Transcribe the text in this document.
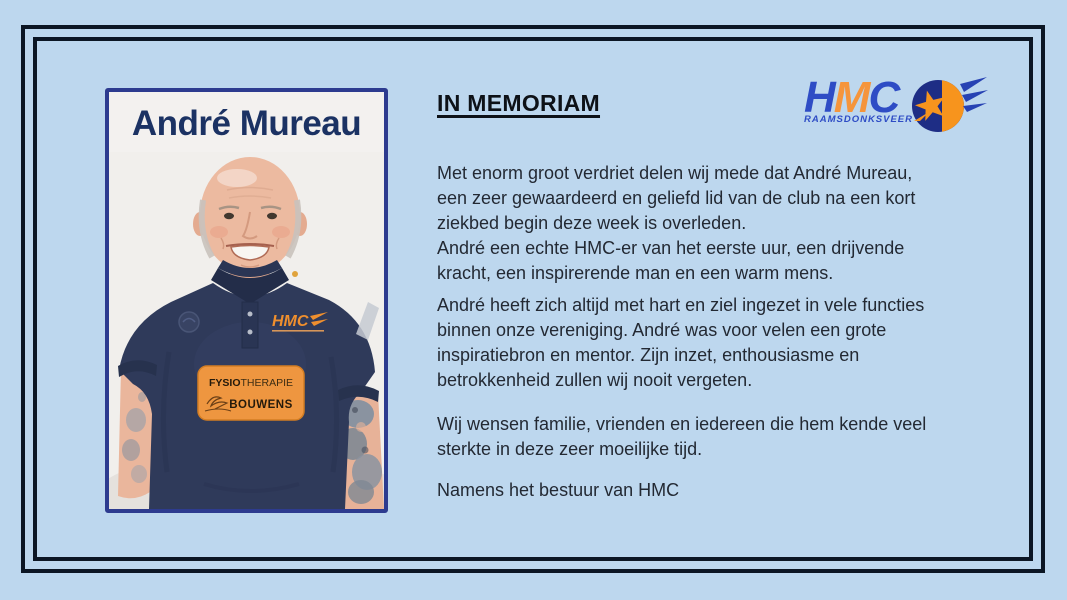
André Mureau
HMC
FYSIOTHERAPIE
BOUWENS
IN MEMORIAM
Met enorm groot verdriet delen wij mede dat André Mureau,
een zeer gewaardeerd en geliefd lid van de club na een kort
ziekbed begin deze week is overleden.
André een echte HMC-er van het eerste uur, een drijvende
kracht, een inspirerende man en een warm mens.
André heeft zich altijd met hart en ziel ingezet in vele functies
binnen onze vereniging. André was voor velen een grote
inspiratiebron en mentor. Zijn inzet, enthousiasme en
betrokkenheid zullen wij nooit vergeten.
Wij wensen familie, vrienden en iedereen die hem kende veel
sterkte in deze zeer moeilijke tijd.
Namens het bestuur van HMC
HMC
RAAMSDONKSVEER
